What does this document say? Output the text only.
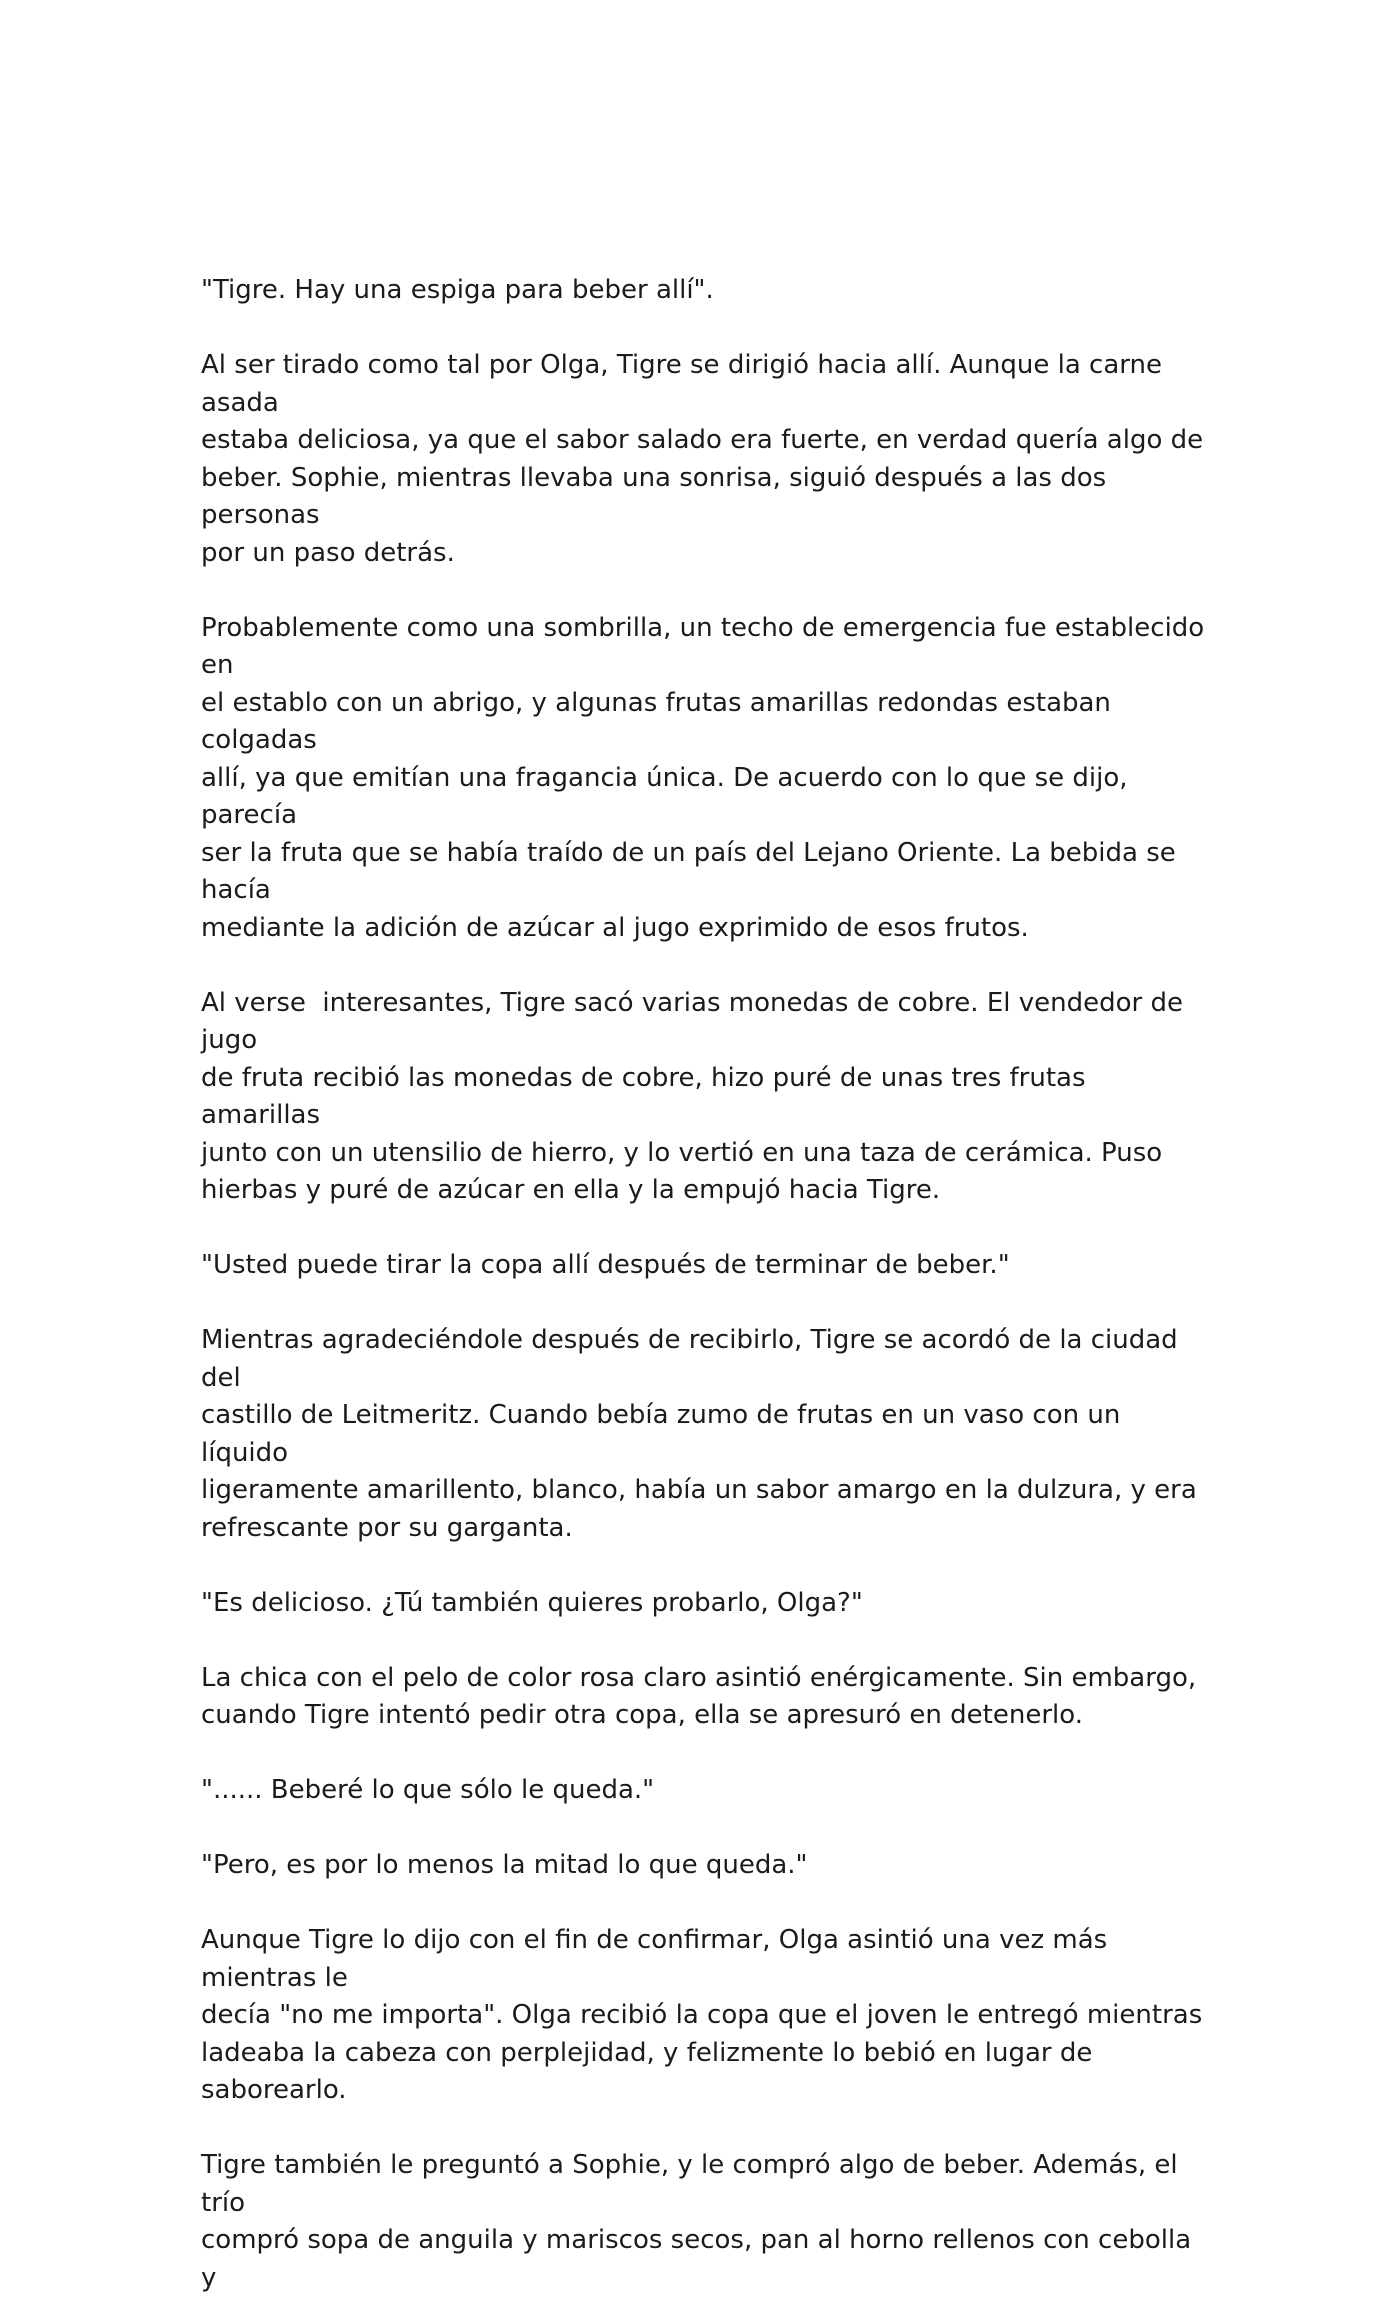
"Tigre. Hay una espiga para beber allí".

Al ser tirado como tal por Olga, Tigre se dirigió hacia allí. Aunque la carne asada
estaba deliciosa, ya que el sabor salado era fuerte, en verdad quería algo de
beber. Sophie, mientras llevaba una sonrisa, siguió después a las dos personas
por un paso detrás.

Probablemente como una sombrilla, un techo de emergencia fue establecido en
el establo con un abrigo, y algunas frutas amarillas redondas estaban colgadas
allí, ya que emitían una fragancia única. De acuerdo con lo que se dijo, parecía
ser la fruta que se había traído de un país del Lejano Oriente. La bebida se hacía
mediante la adición de azúcar al jugo exprimido de esos frutos.

Al verse  interesantes, Tigre sacó varias monedas de cobre. El vendedor de jugo
de fruta recibió las monedas de cobre, hizo puré de unas tres frutas amarillas
junto con un utensilio de hierro, y lo vertió en una taza de cerámica. Puso
hierbas y puré de azúcar en ella y la empujó hacia Tigre.

"Usted puede tirar la copa allí después de terminar de beber."

Mientras agradeciéndole después de recibirlo, Tigre se acordó de la ciudad del
castillo de Leitmeritz. Cuando bebía zumo de frutas en un vaso con un líquido
ligeramente amarillento, blanco, había un sabor amargo en la dulzura, y era
refrescante por su garganta.

"Es delicioso. ¿Tú también quieres probarlo, Olga?"

La chica con el pelo de color rosa claro asintió enérgicamente. Sin embargo,
cuando Tigre intentó pedir otra copa, ella se apresuró en detenerlo.

"...... Beberé lo que sólo le queda."

"Pero, es por lo menos la mitad lo que queda."

Aunque Tigre lo dijo con el fin de confirmar, Olga asintió una vez más mientras le
decía "no me importa". Olga recibió la copa que el joven le entregó mientras
ladeaba la cabeza con perplejidad, y felizmente lo bebió en lugar de saborearlo.

Tigre también le preguntó a Sophie, y le compró algo de beber. Además, el trío
compró sopa de anguila y mariscos secos, pan al horno rellenos con cebolla y
